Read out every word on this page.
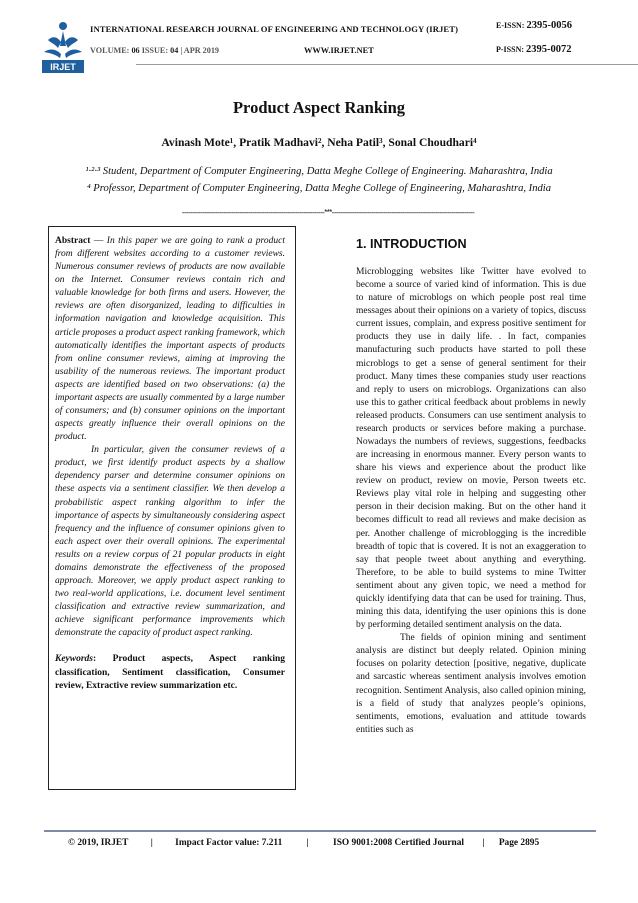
IRJET
INTERNATIONAL RESEARCH JOURNAL OF ENGINEERING AND TECHNOLOGY (IRJET)
VOLUME: 06 ISSUE: 04 | APR 2019	WWW.IRJET.NET
E-ISSN: 2395-0056
P-ISSN: 2395-0072
Product Aspect Ranking
Avinash Mote¹, Pratik Madhavi², Neha Patil³, Sonal Choudhari⁴
¹·²·³ Student, Department of Computer Engineering, Datta Meghe College of Engineering. Maharashtra, India
⁴ Professor, Department of Computer Engineering, Datta Meghe College of Engineering, Maharashtra, India
---------------------------------------------------------------------***---------------------------------------------------------------------

Abstract — In this paper we are going to rank a product from different websites according to a customer reviews. Numerous consumer reviews of products are now available on the Internet. Consumer reviews contain rich and valuable knowledge for both firms and users. However, the reviews are often disorganized, leading to difficulties in information navigation and knowledge acquisition. This article proposes a product aspect ranking framework, which automatically identifies the important aspects of products from online consumer reviews, aiming at improving the usability of the numerous reviews. The important product aspects are identified based on two observations: (a) the important aspects are usually commented by a large number of consumers; and (b) consumer opinions on the important aspects greatly influence their overall opinions on the product.

In particular, given the consumer reviews of a product, we first identify product aspects by a shallow dependency parser and determine consumer opinions on these aspects via a sentiment classifier. We then develop a probabilistic aspect ranking algorithm to infer the importance of aspects by simultaneously considering aspect frequency and the influence of consumer opinions given to each aspect over their overall opinions. The experimental results on a review corpus of 21 popular products in eight domains demonstrate the effectiveness of the proposed approach. Moreover, we apply product aspect ranking to two real-world applications, i.e. document level sentiment classification and extractive review summarization, and achieve significant performance improvements which demonstrate the capacity of product aspect ranking.

Keywords: Product aspects, Aspect ranking classification, Sentiment classification, Consumer review, Extractive review summarization etc.

1. INTRODUCTION

Microblogging websites like Twitter have evolved to become a source of varied kind of information. This is due to nature of microblogs on which people post real time messages about their opinions on a variety of topics, discuss current issues, complain, and express positive sentiment for products they use in daily life. . In fact, companies manufacturing such products have started to poll these microblogs to get a sense of general sentiment for their product. Many times these companies study user reactions and reply to users on microblogs. Organizations can also use this to gather critical feedback about problems in newly released products. Consumers can use sentiment analysis to research products or services before making a purchase. Nowadays the numbers of reviews, suggestions, feedbacks are increasing in enormous manner. Every person wants to share his views and experience about the product like review on product, review on movie, Person tweets etc. Reviews play vital role in helping and suggesting other person in their decision making. But on the other hand it becomes difficult to read all reviews and make decision as per. Another challenge of microblogging is the incredible breadth of topic that is covered. It is not an exaggeration to say that people tweet about anything and everything. Therefore, to be able to build systems to mine Twitter sentiment about any given topic, we need a method for quickly identifying data that can be used for training. Thus, mining this data, identifying the user opinions this is done by performing detailed sentiment analysis on the data.

The fields of opinion mining and sentiment analysis are distinct but deeply related. Opinion mining focuses on polarity detection [positive, negative, duplicate and sarcastic whereas sentiment analysis involves emotion recognition. Sentiment Analysis, also called opinion mining, is a field of study that analyzes people’s opinions, sentiments, emotions, evaluation and attitude towards entities such as

© 2019, IRJET | Impact Factor value: 7.211	|	ISO 9001:2008 Certified Journal | Page 2895
